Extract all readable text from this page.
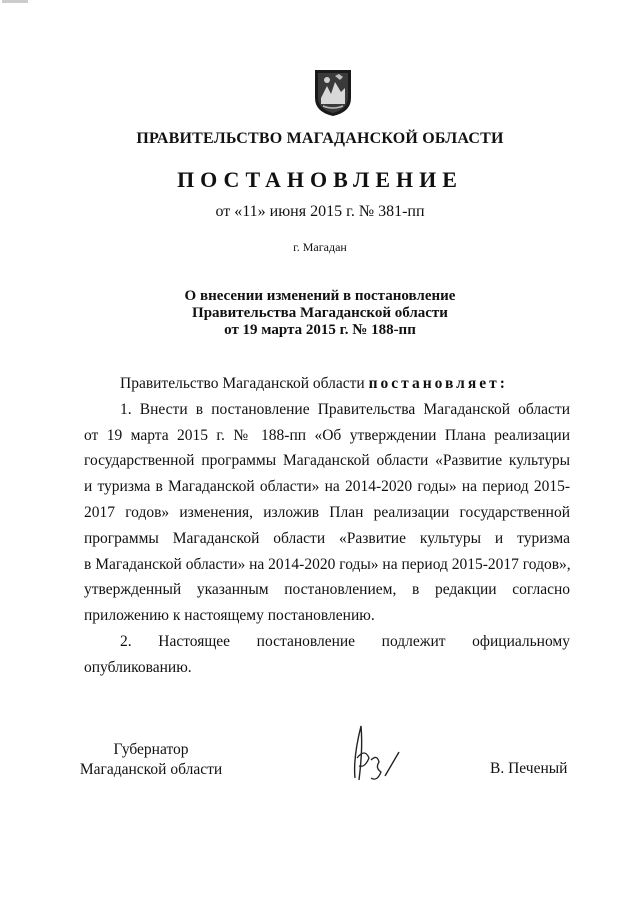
ПРАВИТЕЛЬСТВО МАГАДАНСКОЙ ОБЛАСТИ
ПОСТАНОВЛЕНИЕ
от «11» июня 2015 г. № 381-пп
г. Магадан
О внесении изменений в постановление
Правительства Магаданской области
от 19 марта 2015 г. № 188-пп
Правительство Магаданской области постановляет:
1. Внести в постановление Правительства Магаданской области
от 19 марта 2015 г. № 188-пп «Об утверждении Плана реализации
государственной программы Магаданской области «Развитие культуры
и туризма в Магаданской области» на 2014-2020 годы» на период 2015-
2017 годов» изменения, изложив План реализации государственной
программы Магаданской области «Развитие культуры и туризма
в Магаданской области» на 2014-2020 годы» на период 2015-2017 годов»,
утвержденный указанным постановлением, в редакции согласно
приложению к настоящему постановлению.
2. Настоящее постановление подлежит официальному
опубликованию.
Губернатор
Магаданской области	В. Печеный
